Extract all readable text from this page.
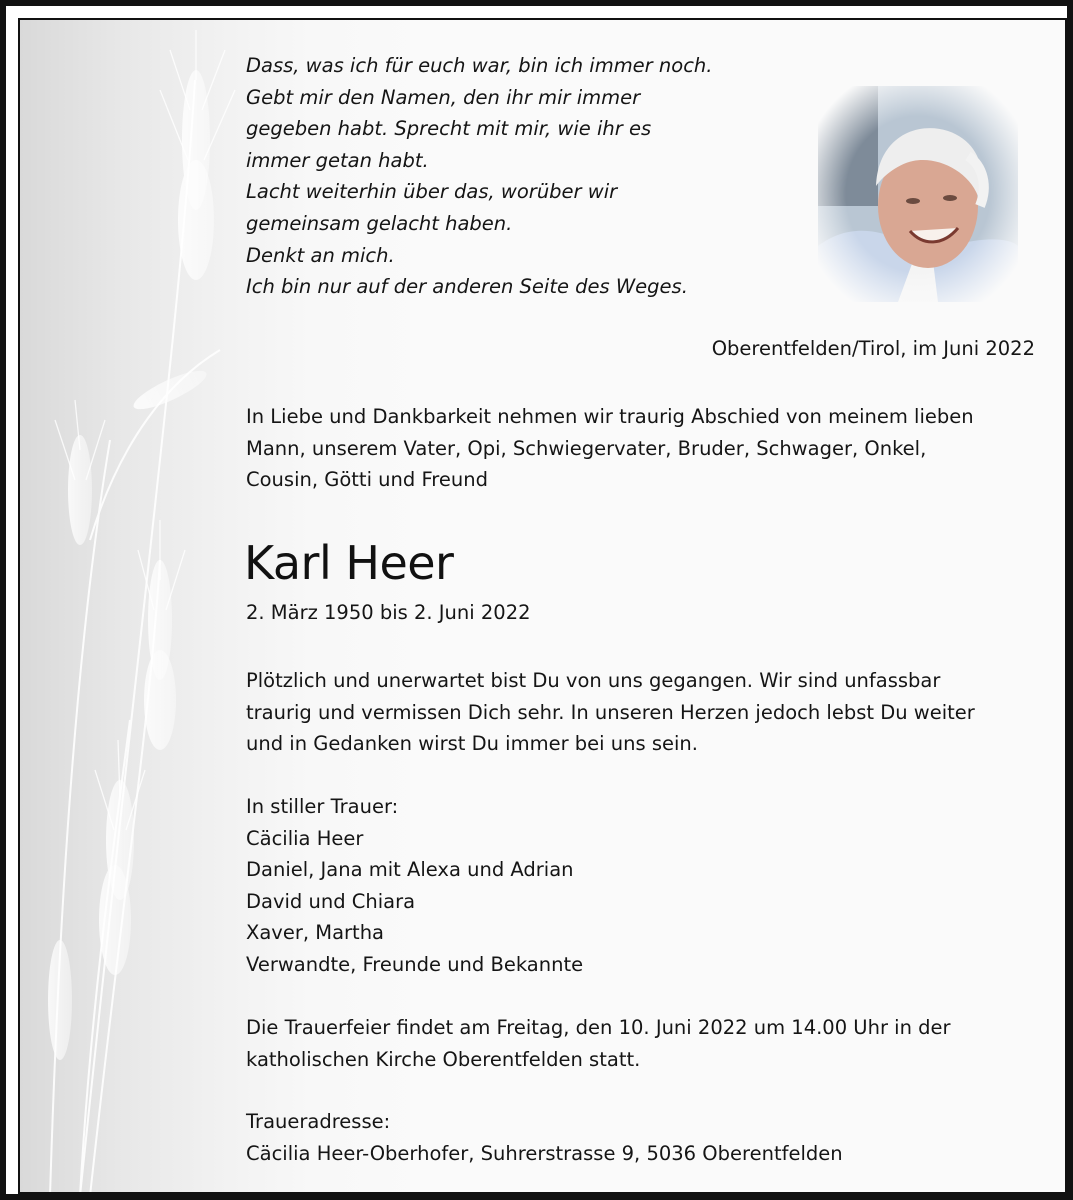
Dass, was ich für euch war, bin ich immer noch.
Gebt mir den Namen, den ihr mir immer
gegeben habt. Sprecht mit mir, wie ihr es
immer getan habt.
Lacht weiterhin über das, worüber wir
gemeinsam gelacht haben.
Denkt an mich.
Ich bin nur auf der anderen Seite des Weges.
Oberentfelden/Tirol, im Juni 2022
In Liebe und Dankbarkeit nehmen wir traurig Abschied von meinem lieben
Mann, unserem Vater, Opi, Schwiegervater, Bruder, Schwager, Onkel,
Cousin, Götti und Freund
Karl Heer
2. März 1950 bis 2. Juni 2022
Plötzlich und unerwartet bist Du von uns gegangen. Wir sind unfassbar
traurig und vermissen Dich sehr. In unseren Herzen jedoch lebst Du weiter
und in Gedanken wirst Du immer bei uns sein.
In stiller Trauer:
Cäcilia Heer
Daniel, Jana mit Alexa und Adrian
David und Chiara
Xaver, Martha
Verwandte, Freunde und Bekannte
Die Trauerfeier findet am Freitag, den 10. Juni 2022 um 14.00 Uhr in der
katholischen Kirche Oberentfelden statt.
Traueradresse:
Cäcilia Heer-Oberhofer, Suhrerstrasse 9, 5036 Oberentfelden
